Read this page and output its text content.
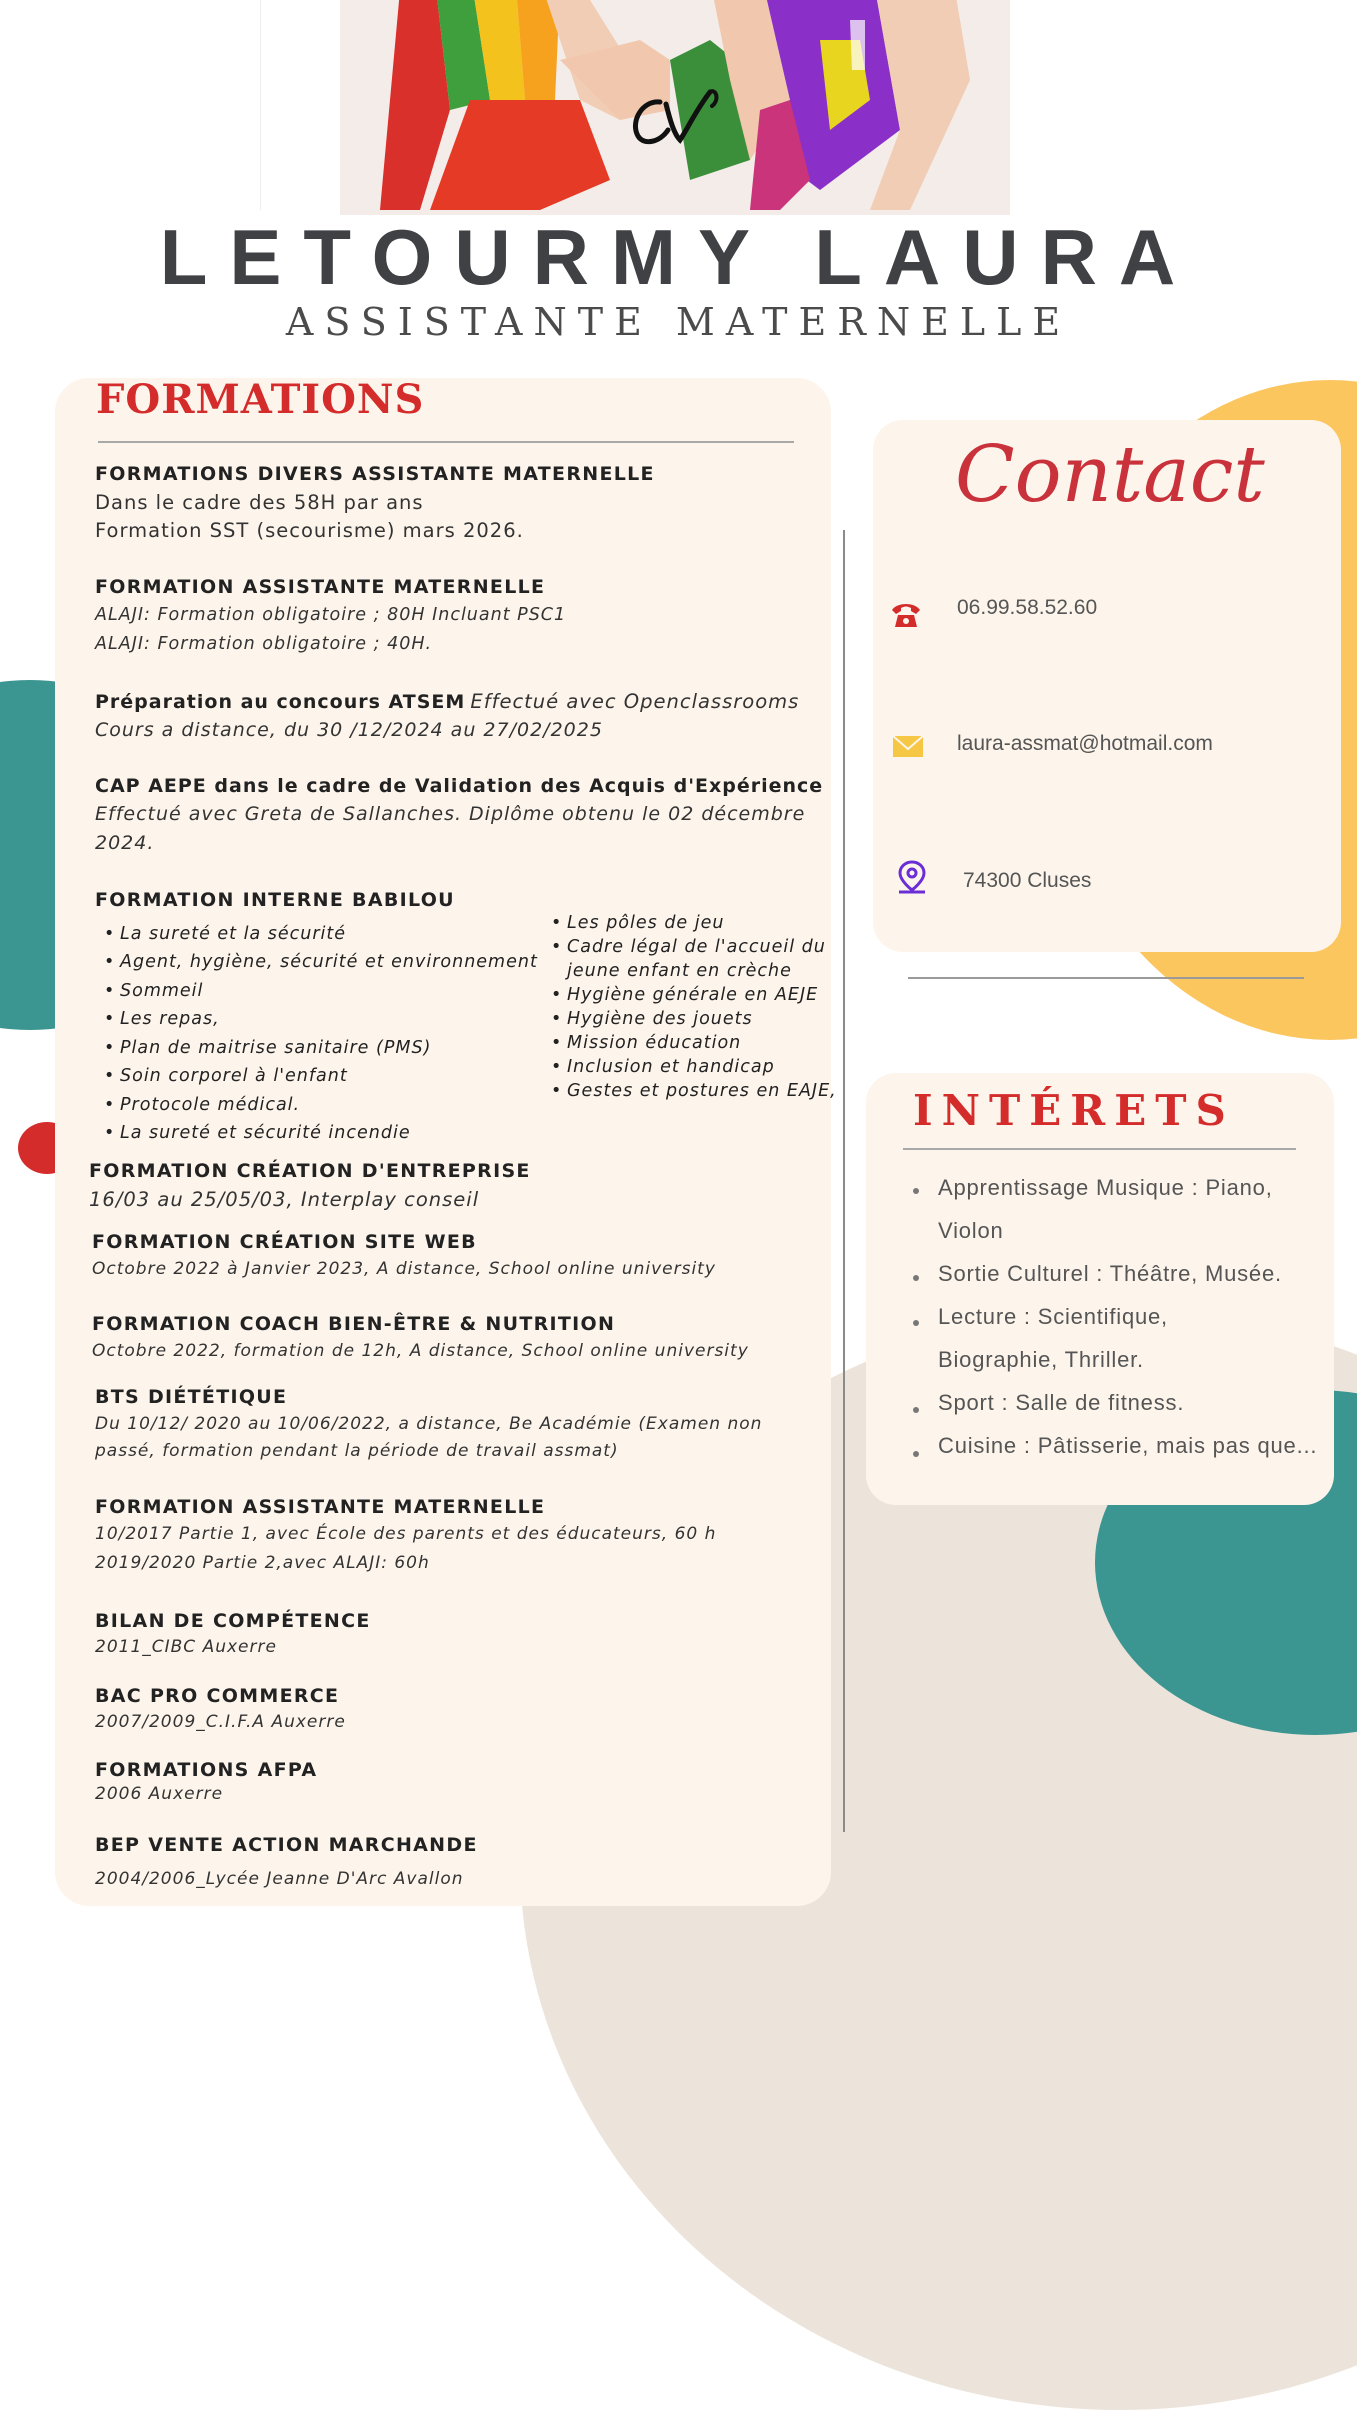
LETOURMY LAURA
ASSISTANTE MATERNELLE
FORMATIONS
FORMATIONS DIVERS ASSISTANTE MATERNELLE
Dans le cadre des 58H par ans
Formation SST (secourisme) mars 2026.
FORMATION ASSISTANTE MATERNELLE
ALAJI: Formation obligatoire ; 80H Incluant PSC1
ALAJI: Formation obligatoire ; 40H.
Préparation au concours ATSEM Effectué avec Openclassrooms
Cours a distance, du 30 /12/2024 au 27/02/2025
CAP AEPE dans le cadre de Validation des Acquis d'Expérience
Effectué avec Greta de Sallanches. Diplôme obtenu le 02 décembre
2024.
FORMATION INTERNE BABILOU
• La sureté et la sécurité
• Agent, hygiène, sécurité et environnement
• Sommeil
• Les repas,
• Plan de maitrise sanitaire (PMS)
• Soin corporel à l'enfant
• Protocole médical.
• La sureté et sécurité incendie
• Les pôles de jeu
• Cadre légal de l'accueil du
jeune enfant en crèche
• Hygiène générale en AEJE
• Hygiène des jouets
• Mission éducation
• Inclusion et handicap
• Gestes et postures en EAJE,
FORMATION CRÉATION D'ENTREPRISE
16/03 au 25/05/03, Interplay conseil
FORMATION CRÉATION SITE WEB
Octobre 2022 à Janvier 2023, A distance, School online university
FORMATION COACH BIEN-ÊTRE & NUTRITION
Octobre 2022, formation de 12h, A distance, School online university
BTS DIÉTÉTIQUE
Du 10/12/ 2020 au 10/06/2022, a distance, Be Académie (Examen non
passé, formation pendant la période de travail assmat)
FORMATION ASSISTANTE MATERNELLE
10/2017 Partie 1, avec École des parents et des éducateurs, 60 h
2019/2020 Partie 2,avec ALAJI: 60h
BILAN DE COMPÉTENCE
2011_CIBC Auxerre
BAC PRO COMMERCE
2007/2009_C.I.F.A Auxerre
FORMATIONS AFPA
2006 Auxerre
BEP VENTE ACTION MARCHANDE
2004/2006_Lycée Jeanne D'Arc Avallon
Contact
06.99.58.52.60
laura-assmat@hotmail.com
74300 Cluses
INTÉRETS
Apprentissage Musique : Piano,
Violon
Sortie Culturel : Théâtre, Musée.
Lecture : Scientifique,
Biographie, Thriller.
Sport : Salle de fitness.
Cuisine : Pâtisserie, mais pas que...
